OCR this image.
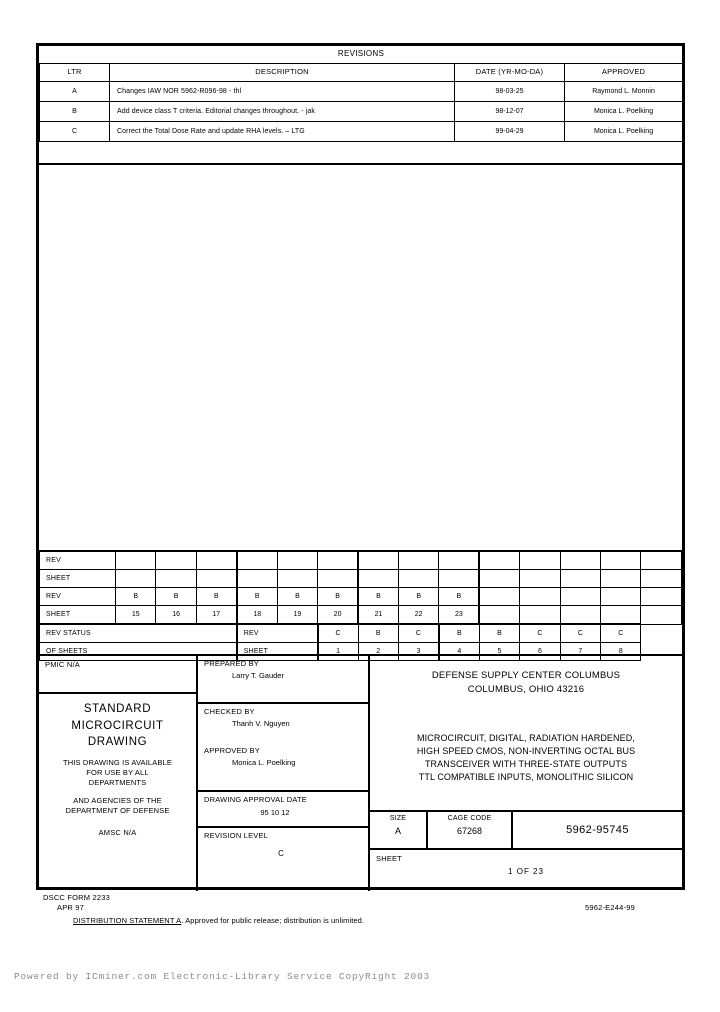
REVISIONS			
LTR	DESCRIPTION	DATE (YR-MO-DA)	APPROVED
A	Changes IAW NOR 5962-R096-98 - thl	98-03-25	Raymond L. Monnin
B	Add device class T criteria. Editorial changes throughout. - jak	98-12-07	Monica L. Poelking
C	Correct the Total Dose Rate and update RHA levels. – LTG	99-04-29	Monica L. Poelking
REV														
SHEET														
REV	B	B	B	B	B	B	B	B	B					
SHEET	15	16	17	18	19	20	21	22	23					
REV STATUS				REV		C	B	C	B	B	C	C	C	
OF SHEETS				SHEET		1	2	3	4	5	6	7	8	
PMIC N/A
STANDARD
MICROCIRCUIT
DRAWING
THIS DRAWING IS AVAILABLE
FOR USE BY ALL
DEPARTMENTS
AND AGENCIES OF THE
DEPARTMENT OF DEFENSE
AMSC N/A
PREPARED BY
Larry T. Gauder
CHECKED BY
Thanh V. Nguyen
APPROVED BY
Monica L. Poelking
DRAWING APPROVAL DATE
95 10 12
REVISION LEVEL
C
DEFENSE SUPPLY CENTER COLUMBUS
COLUMBUS, OHIO 43216
MICROCIRCUIT, DIGITAL, RADIATION HARDENED,
HIGH SPEED CMOS, NON-INVERTING OCTAL BUS
TRANSCEIVER WITH THREE-STATE OUTPUTS
TTL COMPATIBLE INPUTS, MONOLITHIC SILICON
SIZE
A
CAGE CODE
67268	5962-95745
SHEET
1 OF 23
DSCC FORM 2233
APR 97	5962-E244-99
DISTRIBUTION STATEMENT A. Approved for public release; distribution is unlimited.
Powered by ICminer.com Electronic-Library Service CopyRight 2003
